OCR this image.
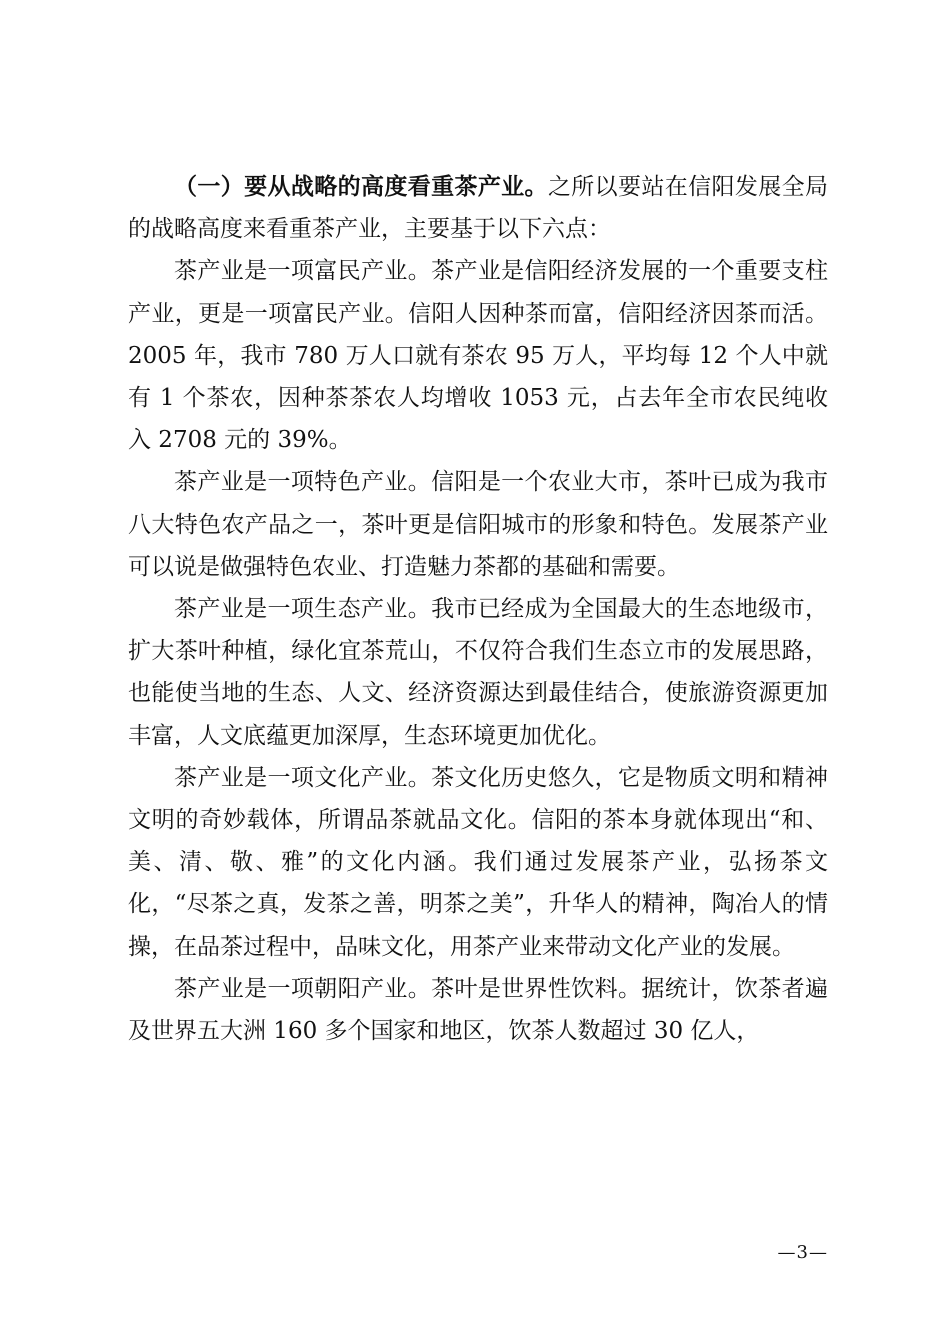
（一）要从战略的高度看重茶产业。之所以要站在信阳发展全局的战略高度来看重茶产业，主要基于以下六点：

茶产业是一项富民产业。茶产业是信阳经济发展的一个重要支柱产业，更是一项富民产业。信阳人因种茶而富，信阳经济因茶而活。2005 年，我市 780 万人口就有茶农 95 万人，平均每 12 个人中就有 1 个茶农，因种茶茶农人均增收 1053 元，占去年全市农民纯收入 2708 元的 39%。

茶产业是一项特色产业。信阳是一个农业大市，茶叶已成为我市八大特色农产品之一，茶叶更是信阳城市的形象和特色。发展茶产业可以说是做强特色农业、打造魅力茶都的基础和需要。

茶产业是一项生态产业。我市已经成为全国最大的生态地级市，扩大茶叶种植，绿化宜茶荒山，不仅符合我们生态立市的发展思路，也能使当地的生态、人文、经济资源达到最佳结合，使旅游资源更加丰富，人文底蕴更加深厚，生态环境更加优化。

茶产业是一项文化产业。茶文化历史悠久，它是物质文明和精神文明的奇妙载体，所谓品茶就品文化。信阳的茶本身就体现出“和、美、清、敬、雅”的文化内涵。我们通过发展茶产业，弘扬茶文化，“尽茶之真，发茶之善，明茶之美”，升华人的精神，陶冶人的情操，在品茶过程中，品味文化，用茶产业来带动文化产业的发展。

茶产业是一项朝阳产业。茶叶是世界性饮料。据统计，饮茶者遍及世界五大洲 160 多个国家和地区，饮茶人数超过 30 亿人，

—3—
